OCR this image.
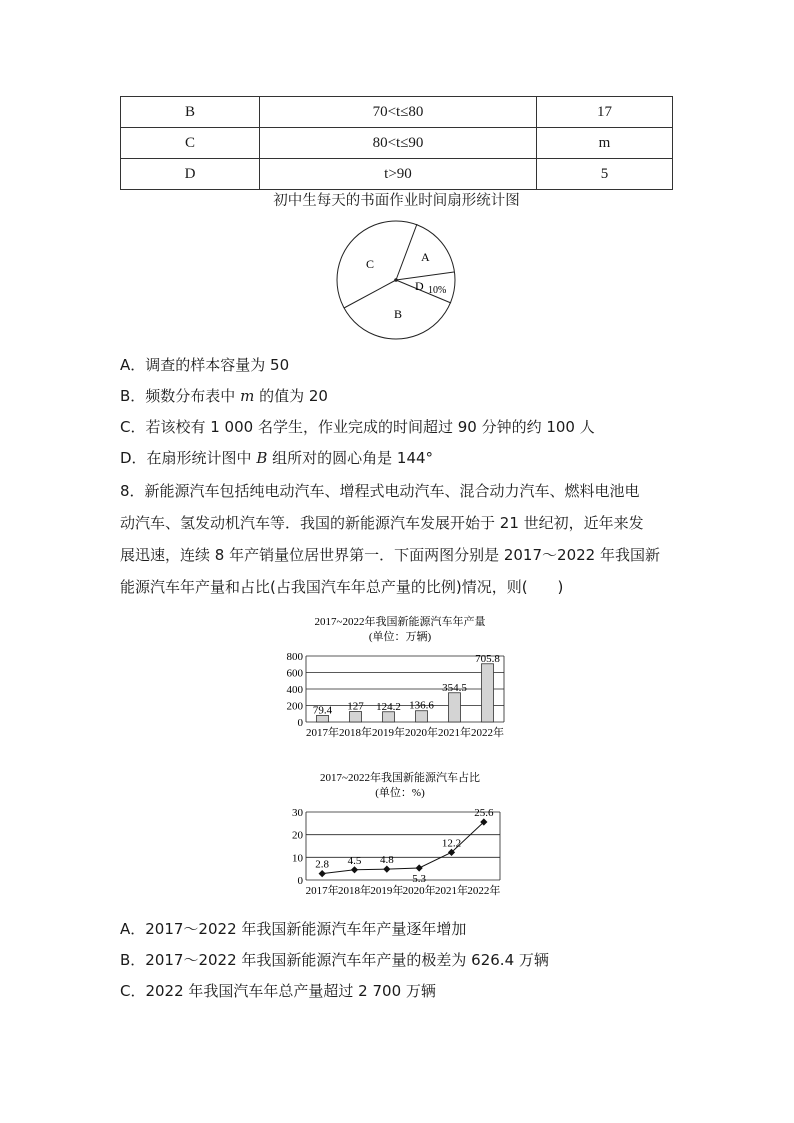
B	70<t≤80	17
C	80<t≤90	m
D	t>90	5
初中生每天的书面作业时间扇形统计图
C	A
D 10%
B
A．调查的样本容量为 50
B．频数分布表中 m 的值为 20
C．若该校有 1 000 名学生，作业完成的时间超过 90 分钟的约 100 人
D．在扇形统计图中 B 组所对的圆心角是 144°
8．新能源汽车包括纯电动汽车、增程式电动汽车、混合动力汽车、燃料电池电
动汽车、氢发动机汽车等．我国的新能源汽车发展开始于 21 世纪初，近年来发
展迅速，连续 8 年产销量位居世界第一．下面两图分别是 2017～2022 年我国新
能源汽车年产量和占比(占我国汽车年总产量的比例)情况，则(　　)
2017~2022年我国新能源汽车年产量
(单位：万辆)
0
200
400
600
800
79.4
2017年
127
2018年
124.2
2019年
136.6
2020年
354.5
2021年
705.8
2022年
2017~2022年我国新能源汽车占比
(单位：%)
0
10
20
30
2.8
2017年
4.5
2018年
4.8
2019年
5.3
2020年
12.2
2021年
25.6
2022年
A．2017～2022 年我国新能源汽车年产量逐年增加
B．2017～2022 年我国新能源汽车年产量的极差为 626.4 万辆
C．2022 年我国汽车年总产量超过 2 700 万辆
